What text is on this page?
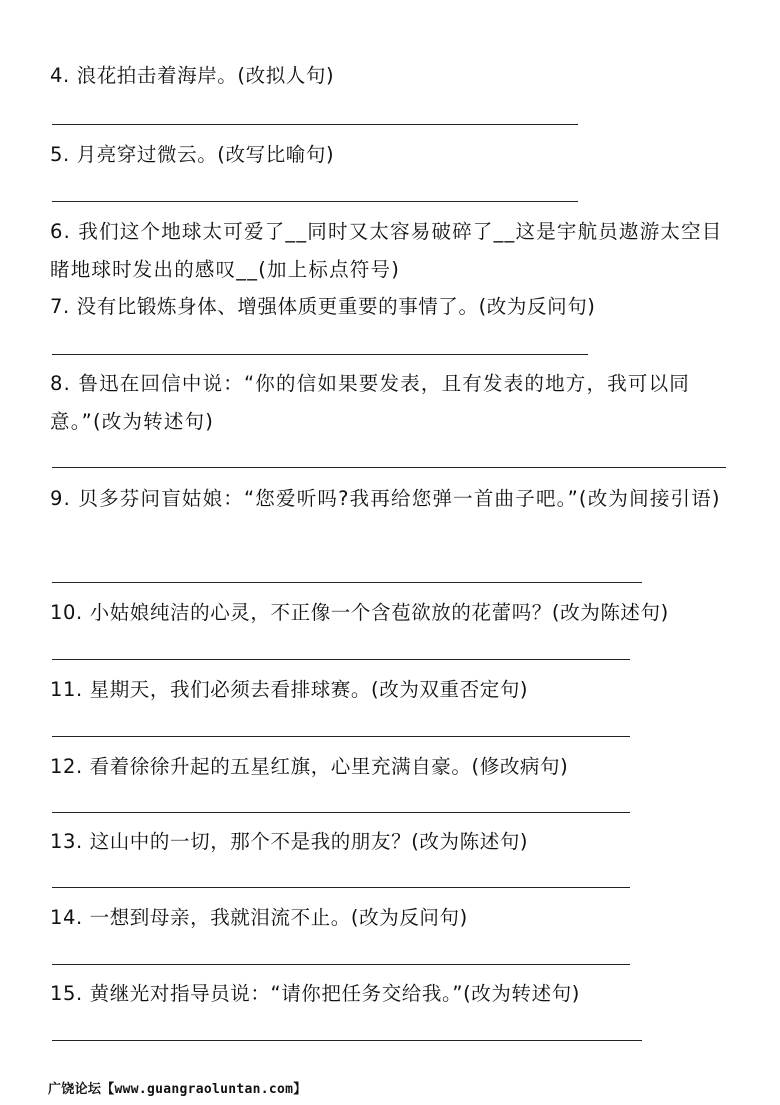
4. 浪花拍击着海岸。(改拟人句)
5. 月亮穿过微云。(改写比喻句)
6. 我们这个地球太可爱了__同时又太容易破碎了__这是宇航员遨游太空目睹地球时发出的感叹__(加上标点符号)
7. 没有比锻炼身体、增强体质更重要的事情了。(改为反问句)
8. 鲁迅在回信中说：“你的信如果要发表，且有发表的地方，我可以同意。”(改为转述句)
9. 贝多芬问盲姑娘：“您爱听吗?我再给您弹一首曲子吧。”(改为间接引语)
10. 小姑娘纯洁的心灵，不正像一个含苞欲放的花蕾吗？(改为陈述句)
11. 星期天，我们必须去看排球赛。(改为双重否定句)
12. 看着徐徐升起的五星红旗，心里充满自豪。(修改病句)
13. 这山中的一切，那个不是我的朋友？(改为陈述句)
14. 一想到母亲，我就泪流不止。(改为反问句)
15. 黄继光对指导员说：“请你把任务交给我。”(改为转述句)
广饶论坛【www.guangraoluntan.com】
